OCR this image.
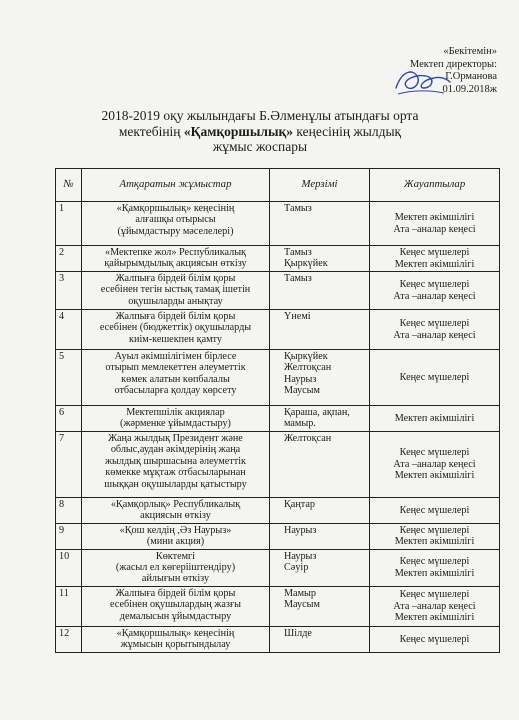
«Бекітемін»
Мектеп директоры:
Г.Орманова
01.09.2018ж
2018-2019 оқу жылындағы Б.Әлменұлы атындағы орта
мектебінің «Қамқоршылық» кеңесінің жылдық
жұмыс жоспары
№	Атқаратын жұмыстар	Мерзімі	Жауаптылар
1	«Қамқоршылық» кеңесінің
алғашқы отырысы
(ұйымдастыру мәселелері)	Тамыз	Мектеп әкімшілігі
Ата –аналар кеңесі

2	«Мектепке жол» Республикалық
қайырымдылық акциясын өткізу	Тамыз
Қыркүйек	Кеңес мүшелері
Мектеп әкімшілігі

3	Жалпыға бірдей білім қоры
есебінен тегін ыстық тамақ ішетін
оқушыларды анықтау	Тамыз	Кеңес мүшелері
Ата –аналар кеңесі

4	Жалпыға бірдей білім қоры
есебінен (бюджеттік) оқушыларды
киім-кешекпен қамту	Үнемі	Кеңес мүшелері
Ата –аналар кеңесі

5	Ауыл әкімшілігімен бірлесе
отырып мемлекеттен әлеуметтік
көмек алатын көпбалалы
отбасыларға қолдау көрсету	Қыркүйек
Желтоқсан
Наурыз
Маусым	Кеңес мүшелері

6	Мектепшілік акциялар
(жәрменке ұйымдастыру)	Қараша, ақпан,
мамыр.	Мектеп әкімшілігі

7	Жаңа жылдық Президент және
облыс,аудан әкімдерінің жаңа
жылдық шыршасына әлеуметтік
көмекке мұқтаж отбасыларынан
шыққан оқушыларды қатыстыру	Желтоқсан	Кеңес мүшелері
Ата –аналар кеңесі
Мектеп әкімшілігі

8	«Қамқорлық» Республикалық
акциясын өткізу	Қаңтар	Кеңес мүшелері

9	«Қош келдің ,Әз Наурыз»
(мини акция)	Наурыз	Кеңес мүшелері
Мектеп әкімшілігі

10	Көктемгі
(жасыл ел көгерііштендіру)
айлығын өткізу	Наурыз
Сәуір	Кеңес мүшелері
Мектеп әкімшілігі

11	Жалпыға бірдей білім қоры
есебінен оқушылардың жазғы
демалысын ұйымдастыру	Мамыр
Маусым	Кеңес мүшелері
Ата –аналар кеңесі
Мектеп әкімшілігі

12	«Қамқоршылық» кеңесінің
жұмысын қорытындылау	Шілде	Кеңес мүшелері
